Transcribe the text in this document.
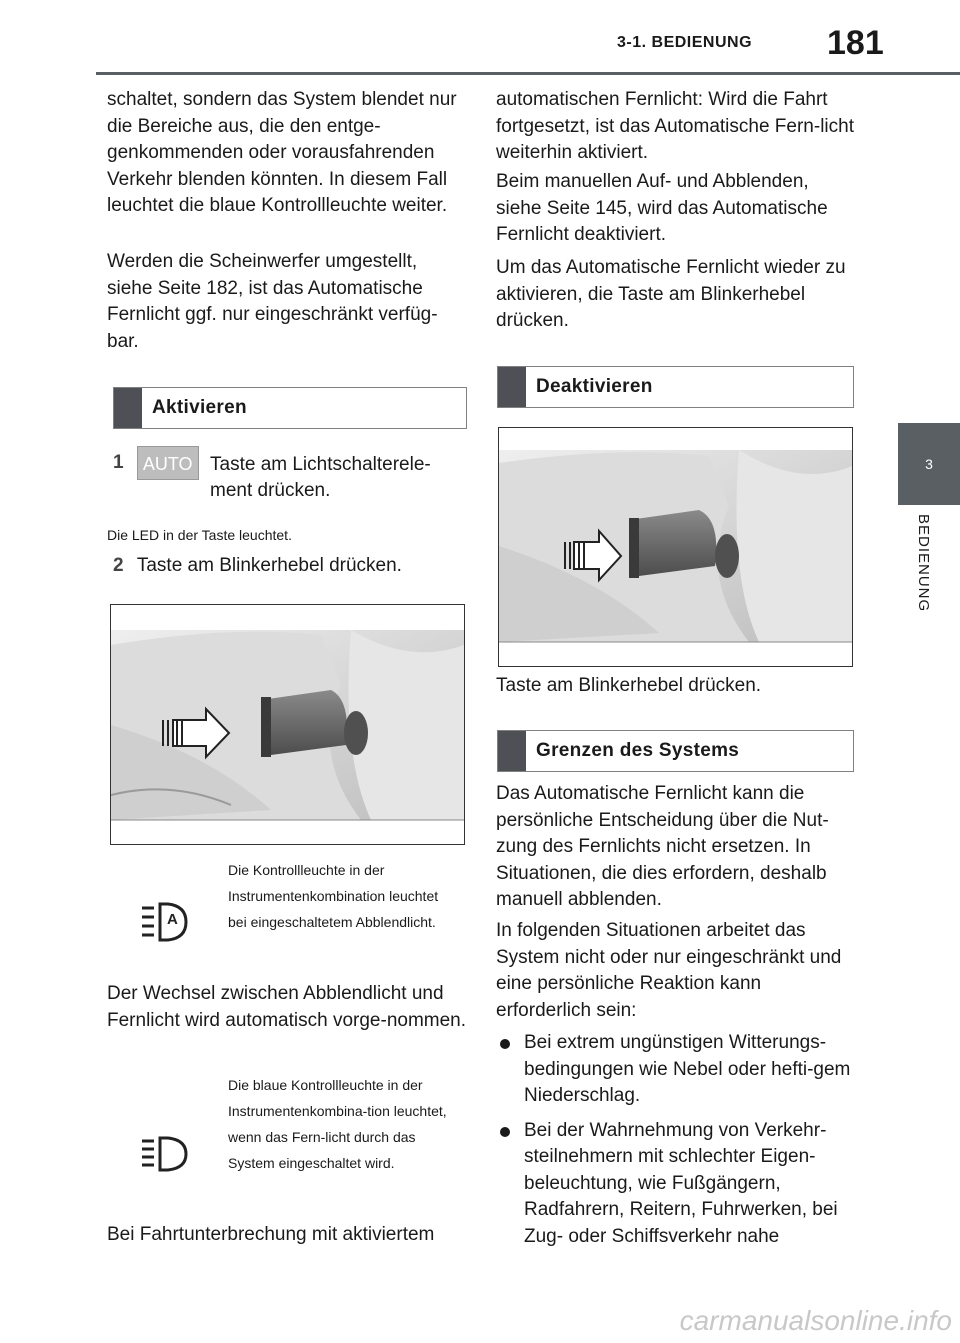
3-1. BEDIENUNG 181
3
BEDIENUNG

schaltet, sondern das System blendet nur die Bereiche aus, die den entge-genkommenden oder vorausfahrenden Verkehr blenden könnten. In diesem Fall leuchtet die blaue Kontrollleuchte weiter.

Werden die Scheinwerfer umgestellt, siehe Seite 182, ist das Automatische Fernlicht ggf. nur eingeschränkt verfüg-bar.

Aktivieren
1 AUTO Taste am Lichtschalterele-ment drücken.
Die LED in der Taste leuchtet.
2 Taste am Blinkerhebel drücken.
A
Die Kontrollleuchte in der Instrumentenkombination leuchtet bei eingeschaltetem Abblendlicht.

Der Wechsel zwischen Abblendlicht und Fernlicht wird automatisch vorge-nommen.

Die blaue Kontrollleuchte in der Instrumentenkombina-tion leuchtet, wenn das Fern-licht durch das System eingeschaltet wird.

Bei Fahrtunterbrechung mit aktiviertem

automatischen Fernlicht: Wird die Fahrt fortgesetzt, ist das Automatische Fern-licht weiterhin aktiviert.

Beim manuellen Auf- und Abblenden, siehe Seite 145, wird das Automatische Fernlicht deaktiviert.

Um das Automatische Fernlicht wieder zu aktivieren, die Taste am Blinkerhebel drücken.

Deaktivieren

Taste am Blinkerhebel drücken.

Grenzen des Systems

Das Automatische Fernlicht kann die persönliche Entscheidung über die Nut-zung des Fernlichts nicht ersetzen. In Situationen, die dies erfordern, deshalb manuell abblenden.

In folgenden Situationen arbeitet das System nicht oder nur eingeschränkt und eine persönliche Reaktion kann erforderlich sein:

Bei extrem ungünstigen Witterungs-bedingungen wie Nebel oder hefti-gem Niederschlag.
Bei der Wahrnehmung von Verkehr-steilnehmern mit schlechter Eigen-beleuchtung, wie Fußgängern, Radfahrern, Reitern, Fuhrwerken, bei Zug- oder Schiffsverkehr nahe
carmanualsonline.info
